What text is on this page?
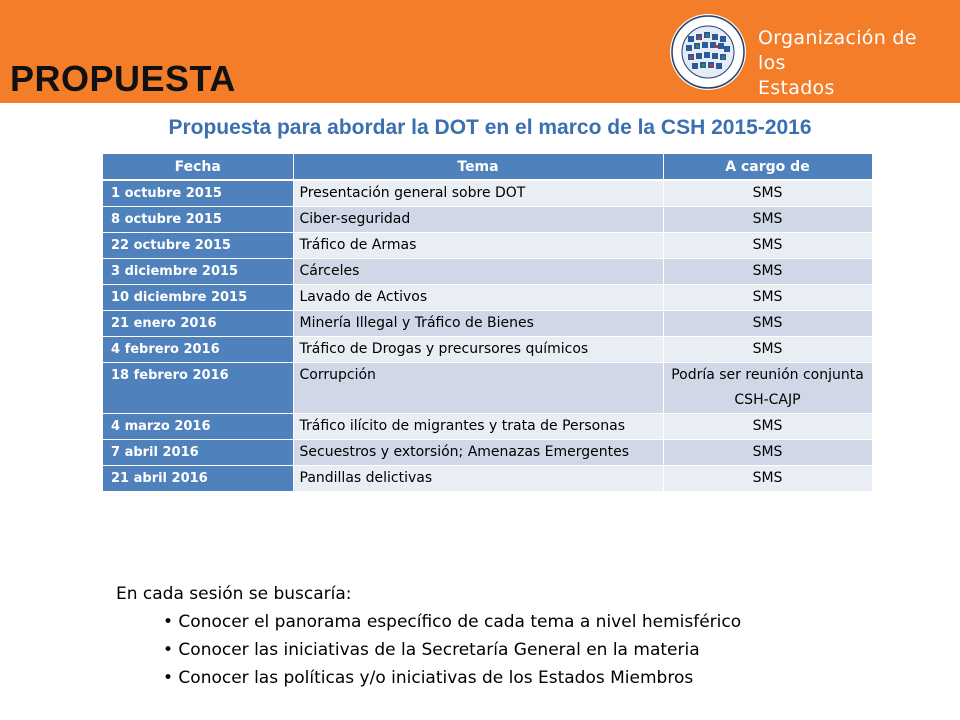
PROPUESTA
Organización de los
Estados Americanos
Propuesta para abordar la DOT en el marco de la CSH 2015-2016
Fecha	Tema	A cargo de
1 octubre 2015	Presentación general sobre DOT	SMS
8 octubre 2015	Ciber-seguridad	SMS
22 octubre 2015	Tráfico de Armas	SMS
3 diciembre 2015	Cárceles	SMS
10 diciembre 2015	Lavado de Activos	SMS
21 enero 2016	Minería Illegal y Tráfico de Bienes	SMS
4 febrero 2016	Tráfico de Drogas y precursores químicos	SMS
18 febrero 2016	Corrupción	Podría ser reunión conjunta CSH-CAJP
4 marzo 2016	Tráfico ilícito de migrantes y trata de Personas	SMS
7 abril 2016	Secuestros y extorsión; Amenazas Emergentes	SMS
21 abril 2016	Pandillas delictivas	SMS
En cada sesión se buscaría:
• Conocer el panorama específico de cada tema a nivel hemisférico
• Conocer las iniciativas de la Secretaría General en la materia
• Conocer las políticas y/o iniciativas de los Estados Miembros
